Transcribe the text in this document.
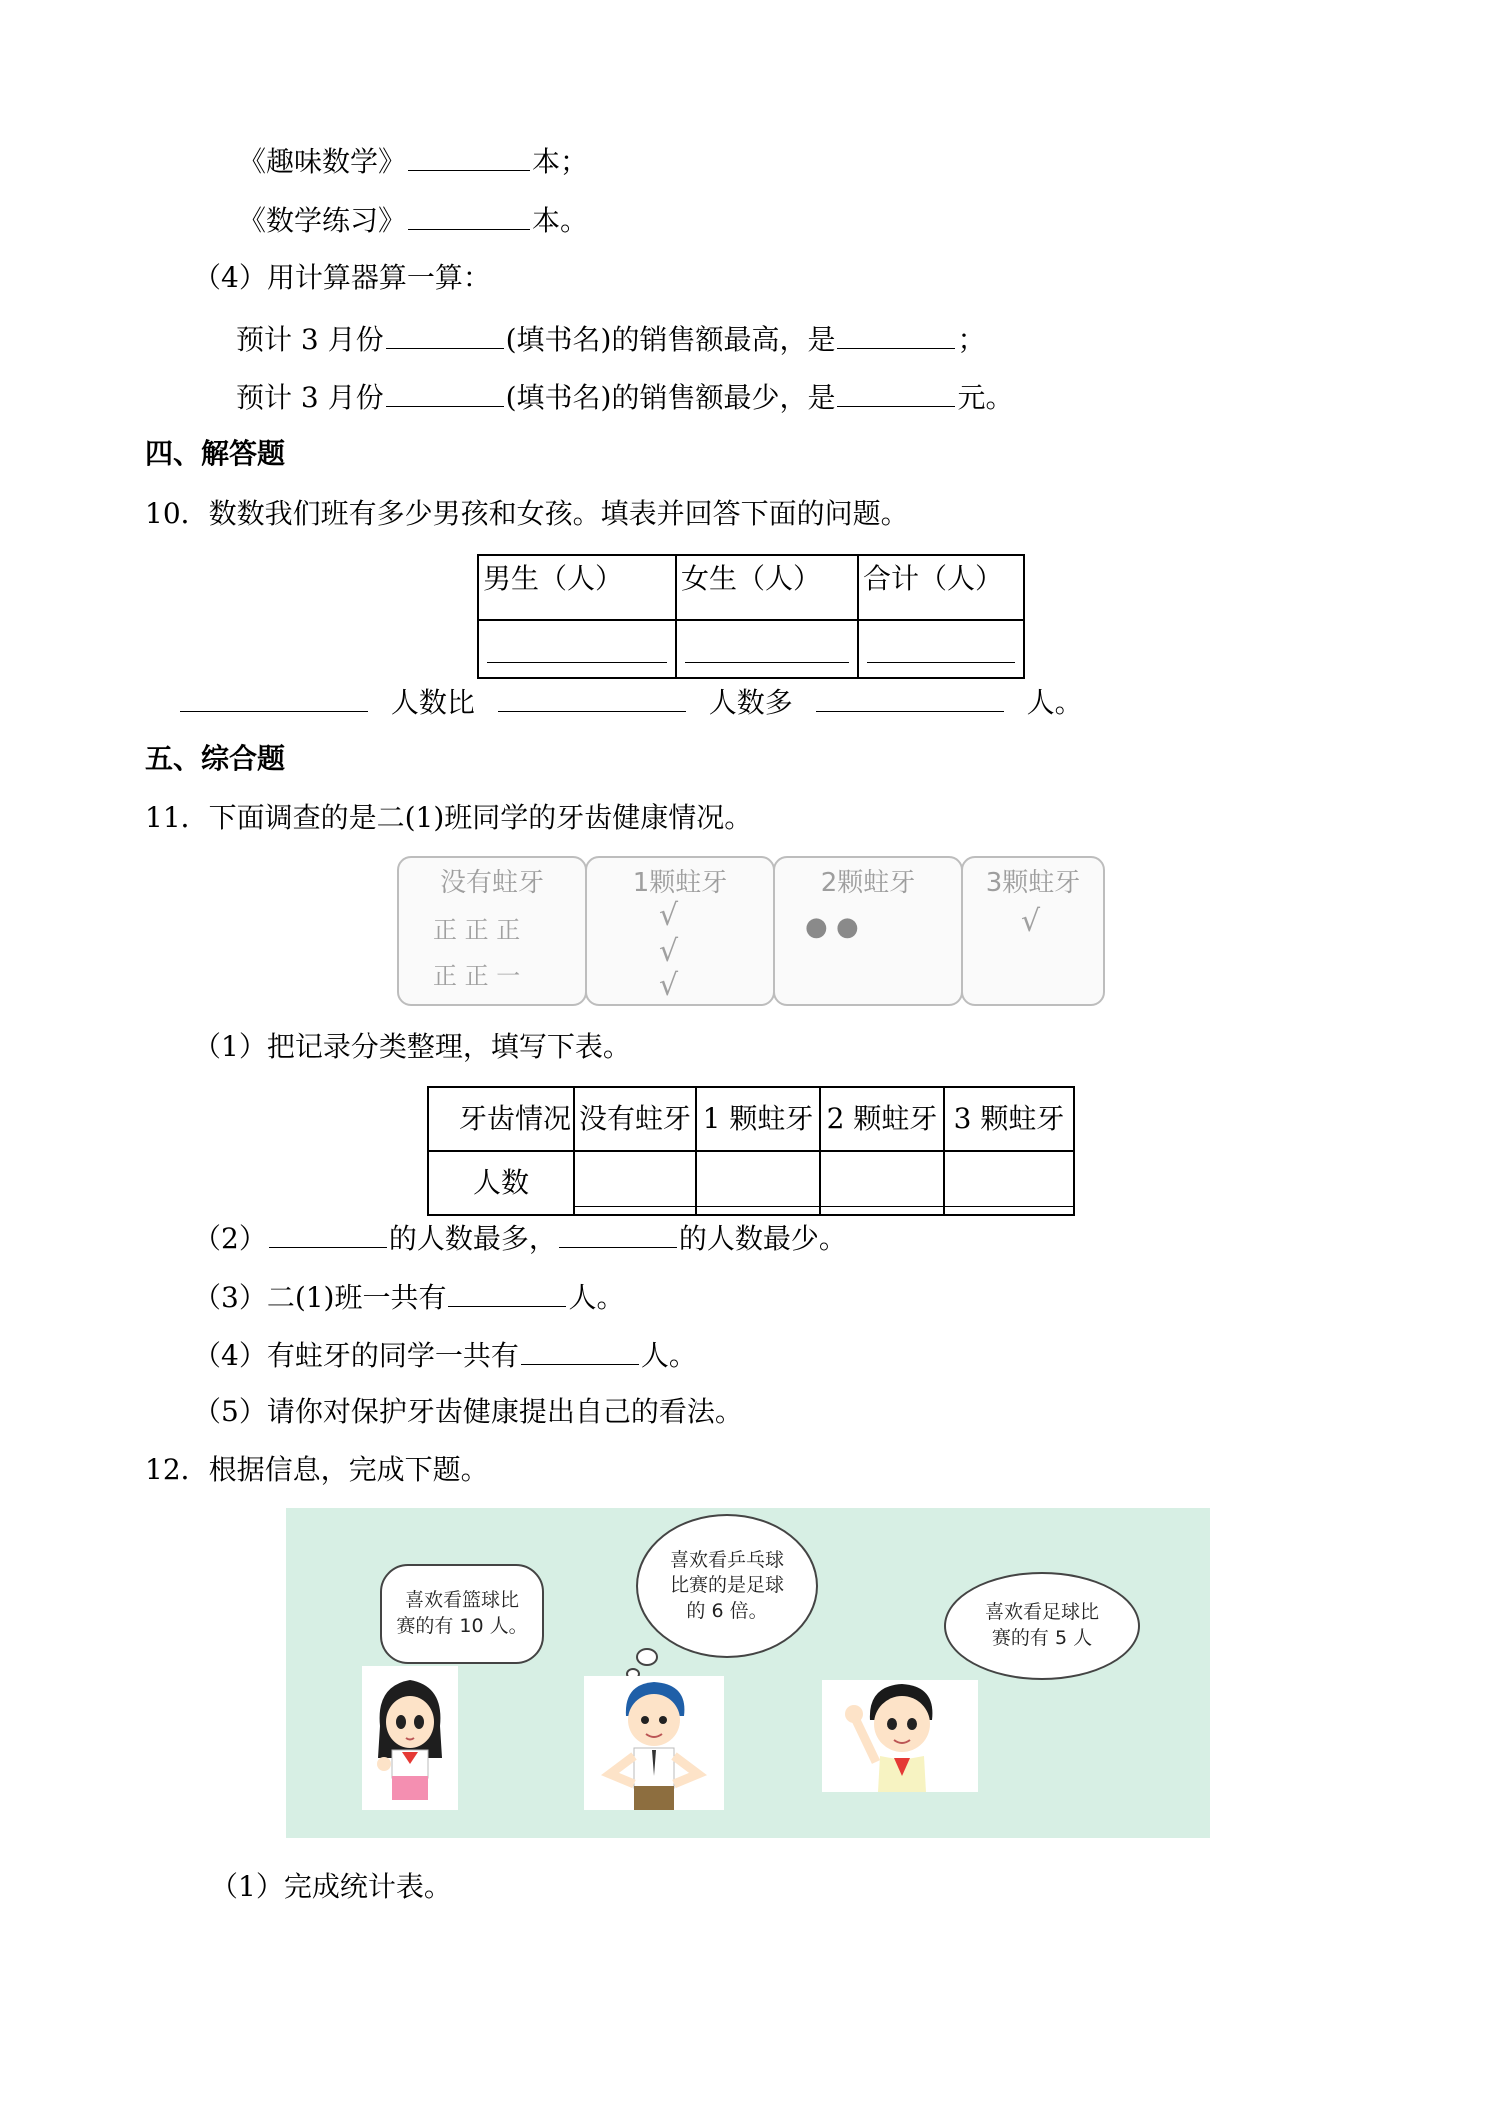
《趣味数学》	本；
《数学练习》	本。
（4）用计算器算一算：
预计 3 月份	(填书名)的销售额最高，是	；
预计 3 月份	(填书名)的销售额最少，是	元。
四、解答题
10．数数我们班有多少男孩和女孩。填表并回答下面的问题。
男生（人）	女生（人）	合计（人）

人数比	人数多	人。
五、综合题
11．下面调查的是二(1)班同学的牙齿健康情况。
没有蛀牙
正 正 正
正 正 一
1颗蛀牙
√
√
√
2颗蛀牙
● ●
3颗蛀牙
√
（1）把记录分类整理，填写下表。
牙齿情况	没有蛀牙	1 颗蛀牙	2 颗蛀牙	3 颗蛀牙
人数	

（2）	的人数最多，	的人数最少。
（3）二(1)班一共有	人。
（4）有蛀牙的同学一共有	人。
（5）请你对保护牙齿健康提出自己的看法。
12．根据信息，完成下题。
喜欢看篮球比
赛的有 10 人。
喜欢看乒乓球
比赛的是足球
的 6 倍。	喜欢看足球比
赛的有 5 人
（1）完成统计表。
